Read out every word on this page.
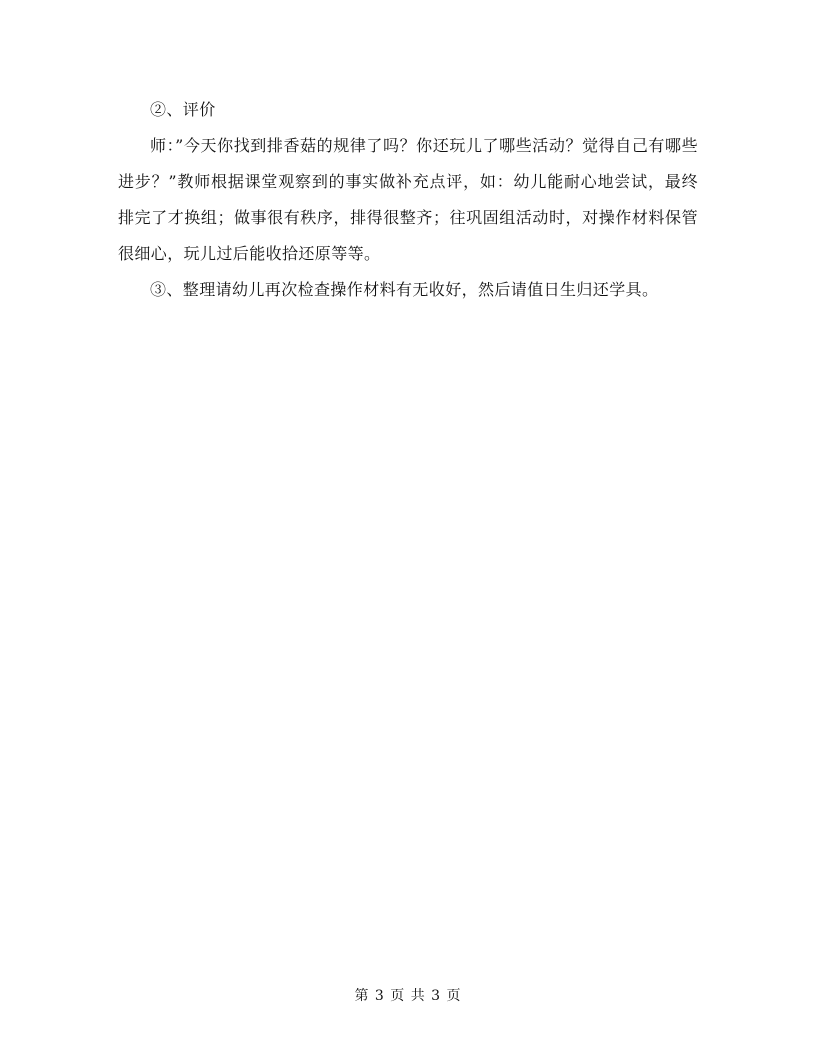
②、评价

师：”今天你找到排香菇的规律了吗？你还玩儿了哪些活动？觉得自己有哪些进步？”教师根据课堂观察到的事实做补充点评，如：幼儿能耐心地尝试，最终排完了才换组；做事很有秩序，排得很整齐；往巩固组活动时，对操作材料保管很细心，玩儿过后能收拾还原等等。

③、整理请幼儿再次检查操作材料有无收好，然后请值日生归还学具。

第 3 页 共 3 页
